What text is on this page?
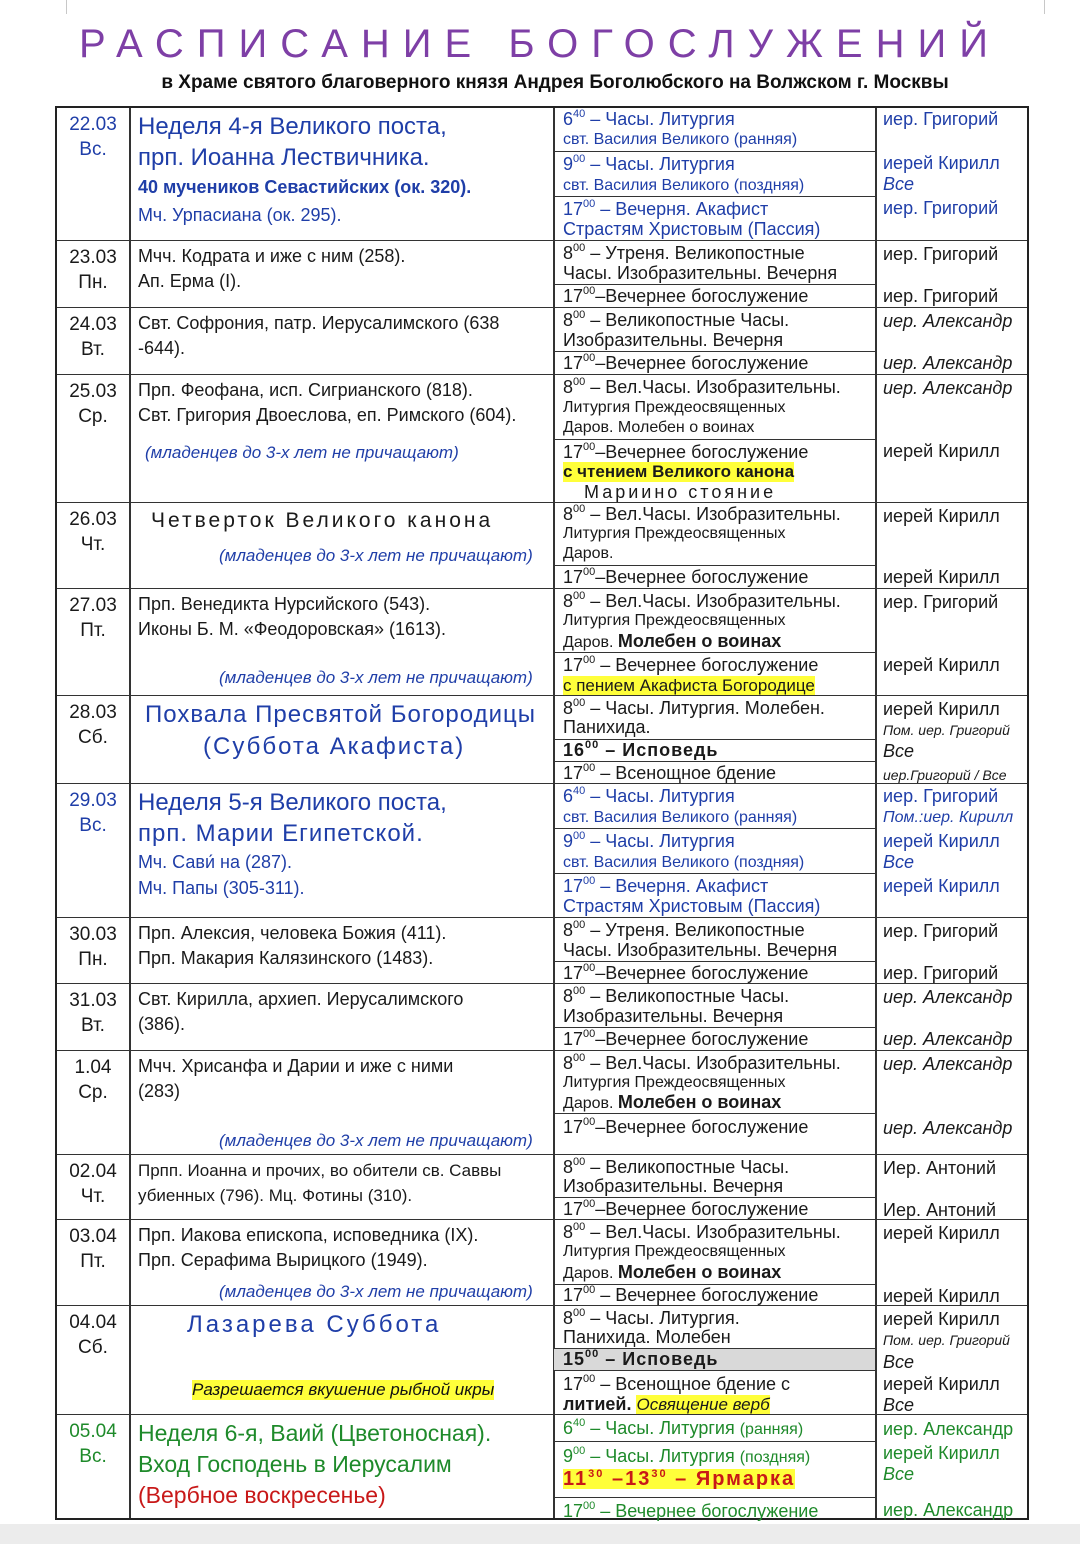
РАСПИСАНИЕ БОГОСЛУЖЕНИЙ
в Храме святого благоверного князя Андрея Боголюбского на Волжском г. Москвы
22.03
Вс.
Неделя 4-я Великого поста,
прп. Иоанна Лествичника.
40 мучеников Севастийских (ок. 320).
Мч. Урпасиана (ок. 295).
$6^{40}$ – Часы. Литургия
свт. Василия Великого (ранняя)
$9^{00}$ – Часы. Литургия
свт. Василия Великого (поздняя)
$17^{00}$ – Вечерня. Акафист
Страстям Христовым (Пассия)
иер. Григорий
иерей Кирилл
Все
иер. Григорий
23.03
Пн.
Мчч. Кодрата и иже с ним (258).
Ап. Ерма (I).
$8^{00}$ – Утреня. Великопостные
Часы. Изобразительны. Вечерня
$17^{00}$–Вечернее богослужение
иер. Григорий
иер. Григорий
24.03
Вт.
Свт. Софрония, патр. Иерусалимского (638
-644).
$8^{00}$ – Великопостные Часы.
Изобразительны. Вечерня
$17^{00}$–Вечернее богослужение
иер. Александр
иер. Александр
25.03
Ср.
Прп. Феофана, исп. Сигрианского (818).
Свт. Григория Двоеслова, еп. Римского (604).
(младенцев до 3-х лет не причащают)
$8^{00}$ – Вел.Часы. Изобразительны.
Литургия Преждеосвященных
Даров. Молебен о воинах
$17^{00}$–Вечернее богослужение
с чтением Великого канона
Мариино стояние
иер. Александр
иерей Кирилл
26.03
Чт.
Четверток Великого канона
(младенцев до 3-х лет не причащают)
$8^{00}$ – Вел.Часы. Изобразительны.
Литургия Преждеосвященных
Даров.
$17^{00}$–Вечернее богослужение
иерей Кирилл
иерей Кирилл
27.03
Пт.
Прп. Венедикта Нурсийского (543).
Иконы Б. М. «Феодоровская» (1613).
(младенцев до 3-х лет не причащают)
$8^{00}$ – Вел.Часы. Изобразительны.
Литургия Преждеосвященных
Даров. Молебен о воинах
$17^{00}$ – Вечернее богослужение
с пением Акафиста Богородице
иер. Григорий
иерей Кирилл
28.03
Сб.
Похвала Пресвятой Богородицы
(Суббота Акафиста)
$8^{00}$ – Часы. Литургия. Молебен.
Панихида.
$16^{00}$ – Исповедь
$17^{00}$ – Всенощное бдение
иерей Кирилл
Пом. иер. Григорий
Все
иер.Григорий / Все
29.03
Вс.
Неделя 5-я Великого поста,
прп. Марии Египетской.
Мч. Сави́ на (287).
Мч. Папы (305-311).
$6^{40}$ – Часы. Литургия
свт. Василия Великого (ранняя)
$9^{00}$ – Часы. Литургия
свт. Василия Великого (поздняя)
$17^{00}$ – Вечерня. Акафист
Страстям Христовым (Пассия)
иер. Григорий
Пом.:иер. Кирилл
иерей Кирилл
Все
иерей Кирилл
30.03
Пн.
Прп. Алексия, человека Божия (411).
Прп. Макария Калязинского (1483).
$8^{00}$ – Утреня. Великопостные
Часы. Изобразительны. Вечерня
$17^{00}$–Вечернее богослужение
иер. Григорий
иер. Григорий
31.03
Вт.
Свт. Кирилла, архиеп. Иерусалимского
(386).
$8^{00}$ – Великопостные Часы.
Изобразительны. Вечерня
$17^{00}$–Вечернее богослужение
иер. Александр
иер. Александр
1.04
Ср.
Мчч. Хрисанфа и Дарии и иже с ними
(283)
(младенцев до 3-х лет не причащают)
$8^{00}$ – Вел.Часы. Изобразительны.
Литургия Преждеосвященных
Даров. Молебен о воинах
$17^{00}$–Вечернее богослужение
иер. Александр
иер. Александр
02.04
Чт.
Прпп. Иоанна и прочих, во обители св. Саввы
убиенных (796). Мц. Фотины (310).
$8^{00}$ – Великопостные Часы.
Изобразительны. Вечерня
$17^{00}$–Вечернее богослужение
Иер. Антоний
Иер. Антоний
03.04
Пт.
Прп. Иакова епископа, исповедника (IX).
Прп. Серафима Вырицкого (1949).
(младенцев до 3-х лет не причащают)
$8^{00}$ – Вел.Часы. Изобразительны.
Литургия Преждеосвященных
Даров. Молебен о воинах
$17^{00}$ – Вечернее богослужение
иерей Кирилл
иерей Кирилл
04.04
Сб.
Лазарева Суббота
Разрешается вкушение рыбной икры
$8^{00}$ – Часы. Литургия.
Панихида. Молебен
$15^{00}$ – Исповедь
$17^{00}$ – Всенощное бдение с
литией. Освящение верб
иерей Кирилл
Пом. иер. Григорий
Все
иерей Кирилл
Все
05.04
Вс.
Неделя 6-я, Ваий (Цветоносная).
Вход Господень в Иерусалим
(Вербное воскресенье)
$6^{40}$ – Часы. Литургия (ранняя)
$9^{00}$ – Часы. Литургия (поздняя)
$11^{30}$ $-13^{30}$ – Ярмарка
$17^{00}$ – Вечернее богослужение
иер. Александр
иерей Кирилл
Все
иер. Александр
